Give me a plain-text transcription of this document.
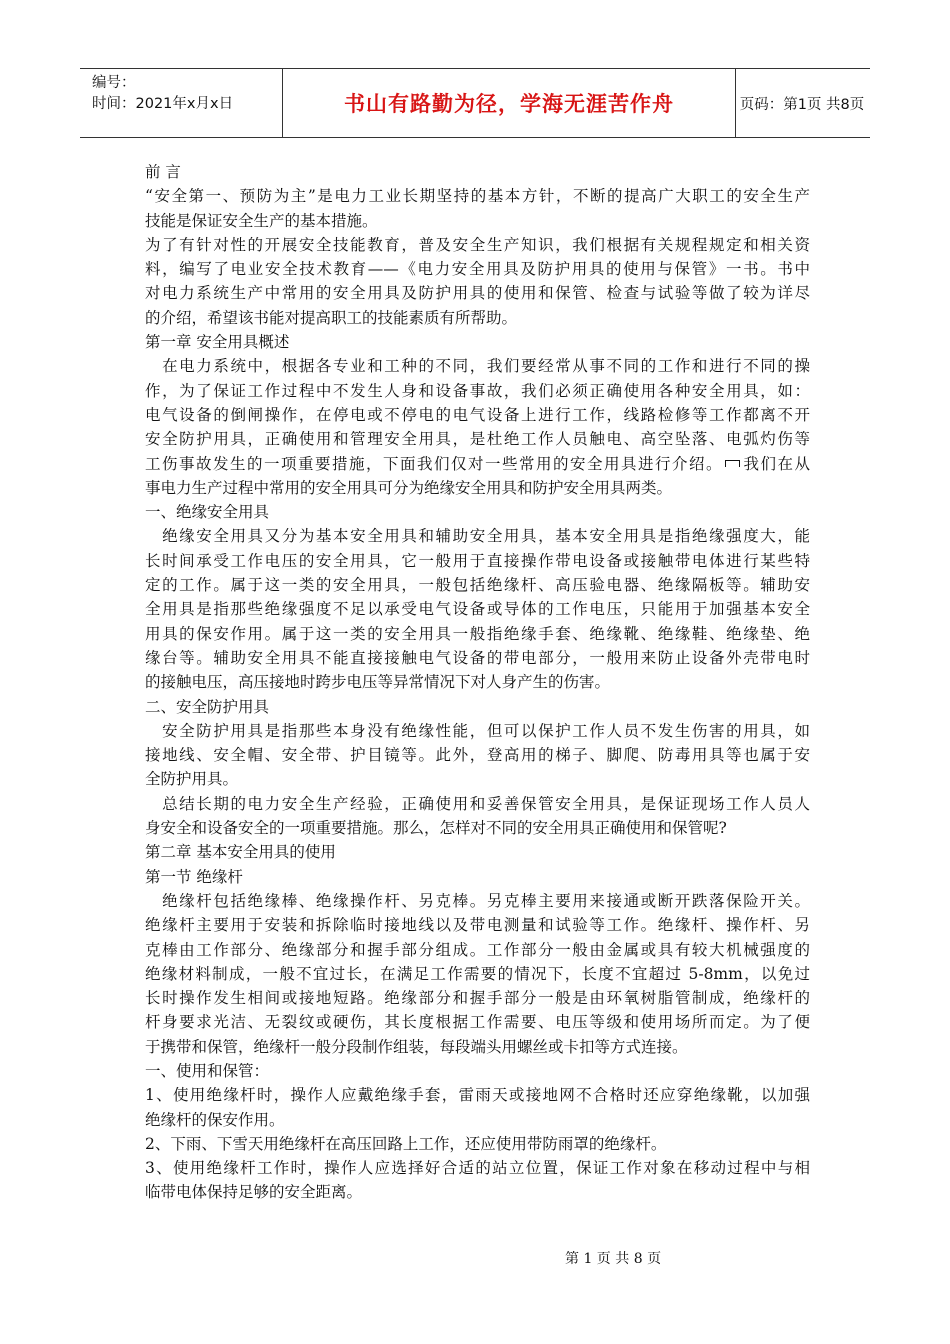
编号：
时间：2021年x月x日	书山有路勤为径，学海无涯苦作舟	页码：第1页 共8页
前 言
“安全第一、预防为主”是电力工业长期坚持的基本方针，不断的提高广大职工的安全生产
技能是保证安全生产的基本措施。
为了有针对性的开展安全技能教育，普及安全生产知识，我们根据有关规程规定和相关资
料，编写了电业安全技术教育——《电力安全用具及防护用具的使用与保管》一书。书中
对电力系统生产中常用的安全用具及防护用具的使用和保管、检查与试验等做了较为详尽
的介绍，希望该书能对提高职工的技能素质有所帮助。
第一章 安全用具概述
　在电力系统中，根据各专业和工种的不同，我们要经常从事不同的工作和进行不同的操
作，为了保证工作过程中不发生人身和设备事故，我们必须正确使用各种安全用具，如：
电气设备的倒闸操作，在停电或不停电的电气设备上进行工作，线路检修等工作都离不开
安全防护用具，正确使用和管理安全用具，是杜绝工作人员触电、高空坠落、电弧灼伤等
工伤事故发生的一项重要措施，下面我们仅对一些常用的安全用具进行介绍。 我们在从
事电力生产过程中常用的安全用具可分为绝缘安全用具和防护安全用具两类。
一、绝缘安全用具
　绝缘安全用具又分为基本安全用具和辅助安全用具，基本安全用具是指绝缘强度大，能
长时间承受工作电压的安全用具，它一般用于直接操作带电设备或接触带电体进行某些特
定的工作。属于这一类的安全用具，一般包括绝缘杆、高压验电器、绝缘隔板等。辅助安
全用具是指那些绝缘强度不足以承受电气设备或导体的工作电压，只能用于加强基本安全
用具的保安作用。属于这一类的安全用具一般指绝缘手套、绝缘靴、绝缘鞋、绝缘垫、绝
缘台等。辅助安全用具不能直接接触电气设备的带电部分，一般用来防止设备外壳带电时
的接触电压，高压接地时跨步电压等异常情况下对人身产生的伤害。
二、安全防护用具
　安全防护用具是指那些本身没有绝缘性能，但可以保护工作人员不发生伤害的用具，如
接地线、安全帽、安全带、护目镜等。此外，登高用的梯子、脚爬、防毒用具等也属于安
全防护用具。
　总结长期的电力安全生产经验，正确使用和妥善保管安全用具，是保证现场工作人员人
身安全和设备安全的一项重要措施。那么，怎样对不同的安全用具正确使用和保管呢?
第二章 基本安全用具的使用
第一节 绝缘杆
　绝缘杆包括绝缘棒、绝缘操作杆、另克棒。另克棒主要用来接通或断开跌落保险开关。
绝缘杆主要用于安装和拆除临时接地线以及带电测量和试验等工作。绝缘杆、操作杆、另
克棒由工作部分、绝缘部分和握手部分组成。工作部分一般由金属或具有较大机械强度的
绝缘材料制成，一般不宜过长，在满足工作需要的情况下，长度不宜超过 5-8mm，以免过
长时操作发生相间或接地短路。绝缘部分和握手部分一般是由环氧树脂管制成，绝缘杆的
杆身要求光洁、无裂纹或硬伤，其长度根据工作需要、电压等级和使用场所而定。为了便
于携带和保管，绝缘杆一般分段制作组装，每段端头用螺丝或卡扣等方式连接。
一、使用和保管：
1、使用绝缘杆时，操作人应戴绝缘手套，雷雨天或接地网不合格时还应穿绝缘靴，以加强
绝缘杆的保安作用。
2、下雨、下雪天用绝缘杆在高压回路上工作，还应使用带防雨罩的绝缘杆。
3、使用绝缘杆工作时，操作人应选择好合适的站立位置，保证工作对象在移动过程中与相
临带电体保持足够的安全距离。
第 1 页 共 8 页
